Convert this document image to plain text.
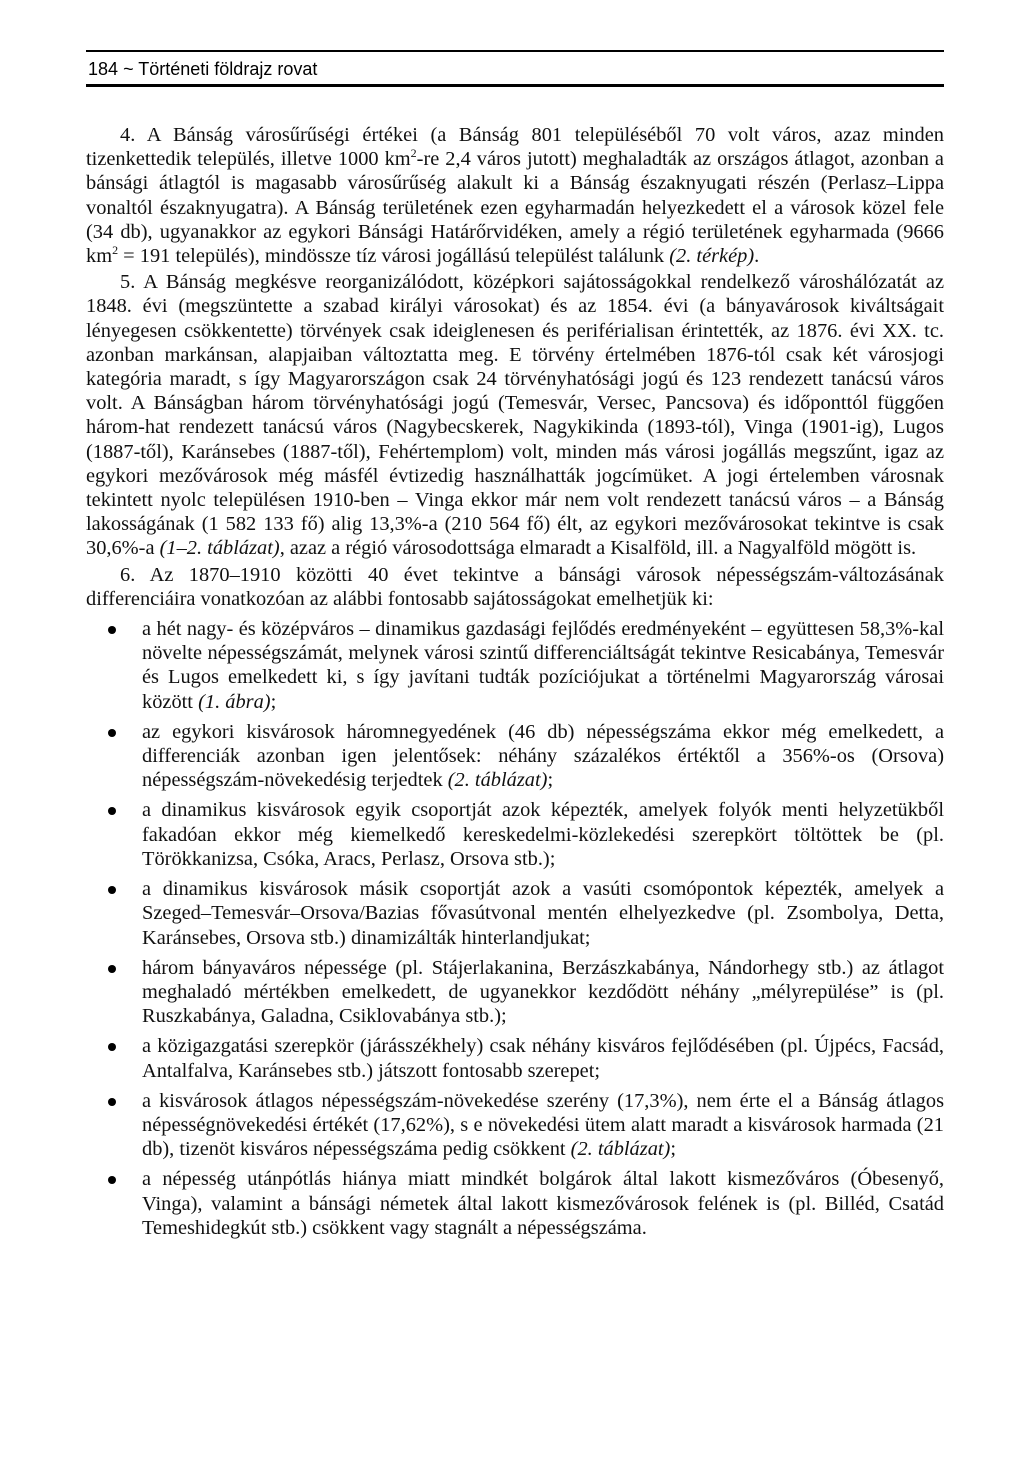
184 ~ Történeti földrajz rovat

4. A Bánság városűrűségi értékei (a Bánság 801 településéből 70 volt város, azaz minden tizenkettedik település, illetve 1000 $km^2-re$ 2,4 város jutott) meghaladták az országos átlagot, azonban a bánsági átlagtól is magasabb városűrűség alakult ki a Bánság északnyugati részén (Perlasz–Lippa vonaltól északnyugatra). A Bánság területének ezen egyharmadán helyezkedett el a városok közel fele (34 db), ugyanakkor az egykori Bánsági Határőrvidéken, amely a régió területének egyharmada (9666 $km^2 = 191$ település), mindössze tíz városi jogállású települést találunk (2. térkép).

5. A Bánság megkésve reorganizálódott, középkori sajátosságokkal rendelkező városhálózatát az 1848. évi (megszüntette a szabad királyi városokat) és az 1854. évi (a bányavárosok kiváltságait lényegesen csökkentette) törvények csak ideiglenesen és periférialisan érintették, az 1876. évi XX. tc. azonban markánsan, alapjaiban változtatta meg. E törvény értelmében 1876-tól csak két városjogi kategória maradt, s így Magyarországon csak 24 törvényhatósági jogú és 123 rendezett tanácsú város volt. A Bánságban három törvényhatósági jogú (Temesvár, Versec, Pancsova) és időponttól függően három-hat rendezett tanácsú város (Nagybecskerek, Nagykikinda (1893-tól), Vinga (1901-ig), Lugos (1887-től), Karánsebes (1887-től), Fehértemplom) volt, minden más városi jogállás megszűnt, igaz az egykori mezővárosok még másfél évtizedig használhatták jogcímüket. A jogi értelemben városnak tekintett nyolc településen 1910-ben – Vinga ekkor már nem volt rendezett tanácsú város – a Bánság lakosságának (1 582 133 fő) alig 13,3%-a (210 564 fő) élt, az egykori mezővárosokat tekintve is csak 30,6%-a (1–2. táblázat), azaz a régió városodottsága elmaradt a Kisalföld, ill. a Nagyalföld mögött is.

6. Az 1870–1910 közötti 40 évet tekintve a bánsági városok népességszám-változásának differenciáira vonatkozóan az alábbi fontosabb sajátosságokat emelhetjük ki:

a hét nagy- és középváros – dinamikus gazdasági fejlődés eredményeként – együttesen 58,3%-kal növelte népességszámát, melynek városi szintű differenciáltságát tekintve Resicabánya, Temesvár és Lugos emelkedett ki, s így javítani tudták pozíciójukat a történelmi Magyarország városai között (1. ábra);
az egykori kisvárosok háromnegyedének (46 db) népességszáma ekkor még emelkedett, a differenciák azonban igen jelentősek: néhány százalékos értéktől a 356%-os (Orsova) népességszám-növekedésig terjedtek (2. táblázat);
a dinamikus kisvárosok egyik csoportját azok képezték, amelyek folyók menti helyzetükből fakadóan ekkor még kiemelkedő kereskedelmi-közlekedési szerepkört töltöttek be (pl. Törökkanizsa, Csóka, Aracs, Perlasz, Orsova stb.);
a dinamikus kisvárosok másik csoportját azok a vasúti csomópontok képezték, amelyek a Szeged–Temesvár–Orsova/Bazias fővasútvonal mentén elhelyezkedve (pl. Zsombolya, Detta, Karánsebes, Orsova stb.) dinamizálták hinterlandjukat;
három bányaváros népessége (pl. Stájerlakanina, Berzászkabánya, Nándorhegy stb.) az átlagot meghaladó mértékben emelkedett, de ugyanekkor kezdődött néhány „mélyrepülése” is (pl. Ruszkabánya, Galadna, Csiklovabánya stb.);
a közigazgatási szerepkör (járásszékhely) csak néhány kisváros fejlődésében (pl. Újpécs, Facsád, Antalfalva, Karánsebes stb.) játszott fontosabb szerepet;
a kisvárosok átlagos népességszám-növekedése szerény (17,3%), nem érte el a Bánság átlagos népességnövekedési értékét (17,62%), s e növekedési ütem alatt maradt a kisvárosok harmada (21 db), tizenöt kisváros népességszáma pedig csökkent (2. táblázat);
a népesség utánpótlás hiánya miatt mindkét bolgárok által lakott kismezőváros (Óbesenyő, Vinga), valamint a bánsági németek által lakott kismezővárosok felének is (pl. Billéd, Csatád Temeshidegkút stb.) csökkent vagy stagnált a népességszáma.
